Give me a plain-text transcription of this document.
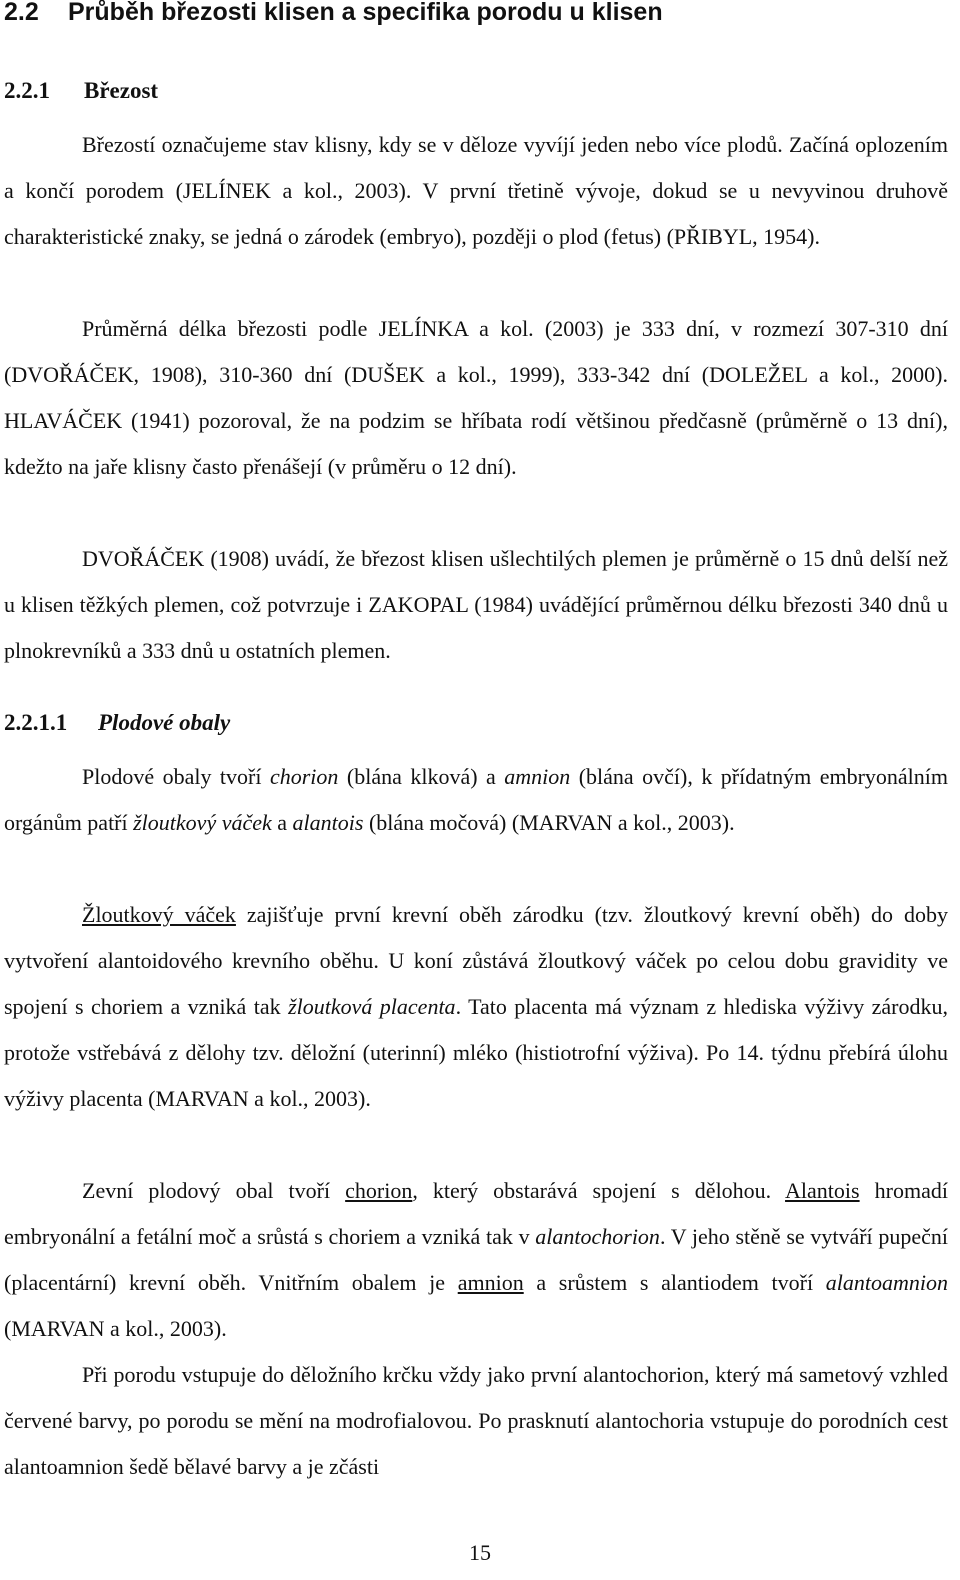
2.2 Průběh březosti klisen a specifika porodu u klisen
2.2.1 Březost
Březostí označujeme stav klisny, kdy se v děloze vyvíjí jeden nebo více plodů. Začíná oplozením a končí porodem (JELÍNEK a kol., 2003). V první třetině vývoje, dokud se u nevyvinou druhově charakteristické znaky, se jedná o zárodek (embryo), později o plod (fetus) (PŘIBYL, 1954).
Průměrná délka březosti podle JELÍNKA a kol. (2003) je 333 dní, v rozmezí 307-310 dní (DVOŘÁČEK, 1908), 310-360 dní (DUŠEK a kol., 1999), 333-342 dní (DOLEŽEL a kol., 2000). HLAVÁČEK (1941) pozoroval, že na podzim se hříbata rodí většinou předčasně (průměrně o 13 dní), kdežto na jaře klisny často přenášejí (v průměru o 12 dní).
DVOŘÁČEK (1908) uvádí, že březost klisen ušlechtilých plemen je průměrně o 15 dnů delší než u klisen těžkých plemen, což potvrzuje i ZAKOPAL (1984) uvádějící průměrnou délku březosti 340 dnů u plnokrevníků a 333 dnů u ostatních plemen.
2.2.1.1 Plodové obaly
Plodové obaly tvoří chorion (blána klková) a amnion (blána ovčí), k přídatným embryonálním orgánům patří žloutkový váček a alantois (blána močová) (MARVAN a kol., 2003).
Žloutkový váček zajišťuje první krevní oběh zárodku (tzv. žloutkový krevní oběh) do doby vytvoření alantoidového krevního oběhu. U koní zůstává žloutkový váček po celou dobu gravidity ve spojení s choriem a vzniká tak žloutková placenta. Tato placenta má význam z hlediska výživy zárodku, protože vstřebává z dělohy tzv. děložní (uterinní) mléko (histiotrofní výživa). Po 14. týdnu přebírá úlohu výživy placenta (MARVAN a kol., 2003).
Zevní plodový obal tvoří chorion, který obstarává spojení s dělohou. Alantois hromadí embryonální a fetální moč a srůstá s choriem a vzniká tak v alantochorion. V jeho stěně se vytváří pupeční (placentární) krevní oběh. Vnitřním obalem je amnion a srůstem s alantiodem tvoří alantoamnion (MARVAN a kol., 2003).
Při porodu vstupuje do děložního krčku vždy jako první alantochorion, který má sametový vzhled červené barvy, po porodu se mění na modrofialovou. Po prasknutí alantochoria vstupuje do porodních cest alantoamnion šedě bělavé barvy a je zčásti
15
